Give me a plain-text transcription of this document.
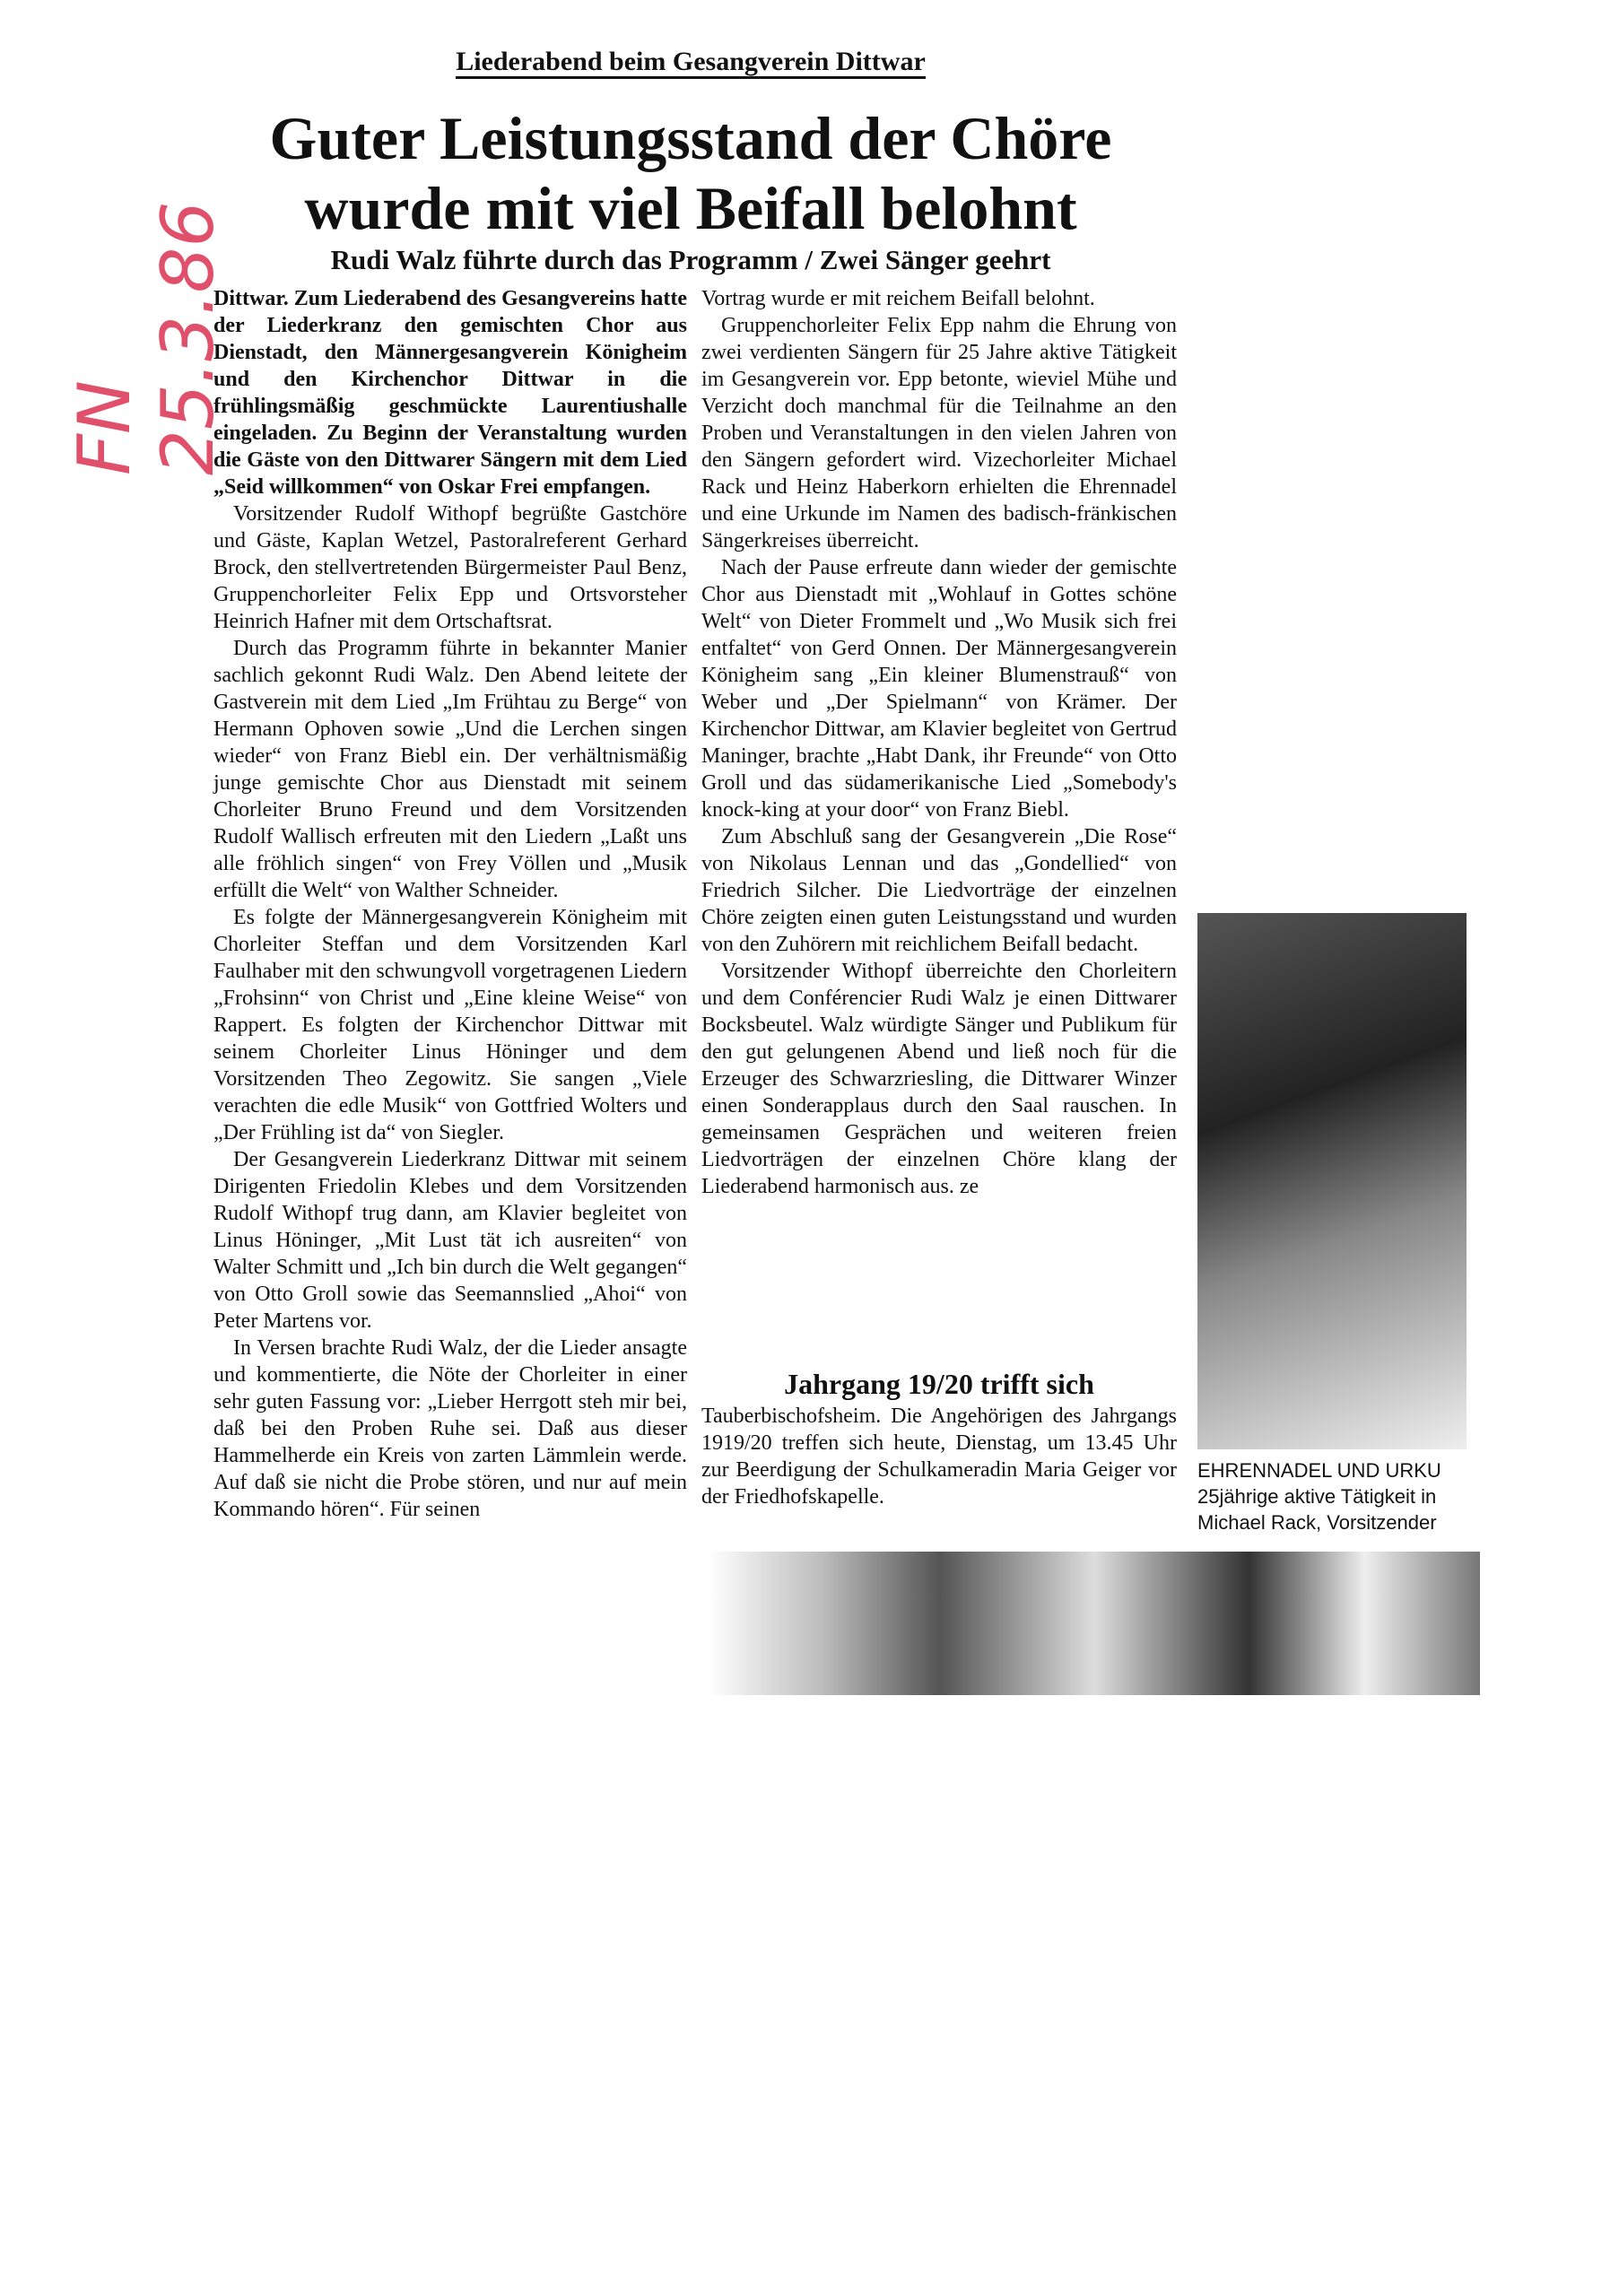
FN 25.3.86
Liederabend beim Gesangverein Dittwar
Guter Leistungsstand der Chöre
wurde mit viel Beifall belohnt
Rudi Walz führte durch das Programm / Zwei Sänger geehrt

Dittwar. Zum Liederabend des Gesangvereins hatte der Liederkranz den gemischten Chor aus Dienstadt, den Männergesangverein Königheim und den Kirchenchor Dittwar in die frühlingsmäßig geschmückte Laurentiushalle eingeladen. Zu Beginn der Veranstaltung wurden die Gäste von den Dittwarer Sängern mit dem Lied „Seid willkommen“ von Oskar Frei empfangen.

Vorsitzender Rudolf Withopf begrüßte Gastchöre und Gäste, Kaplan Wetzel, Pastoralreferent Gerhard Brock, den stellvertretenden Bürgermeister Paul Benz, Gruppenchorleiter Felix Epp und Ortsvorsteher Heinrich Hafner mit dem Ortschaftsrat.

Durch das Programm führte in bekannter Manier sachlich gekonnt Rudi Walz. Den Abend leitete der Gastverein mit dem Lied „Im Frühtau zu Berge“ von Hermann Ophoven sowie „Und die Lerchen singen wieder“ von Franz Biebl ein. Der verhältnismäßig junge gemischte Chor aus Dienstadt mit seinem Chorleiter Bruno Freund und dem Vorsitzenden Rudolf Wallisch erfreuten mit den Liedern „Laßt uns alle fröhlich singen“ von Frey Völlen und „Musik erfüllt die Welt“ von Walther Schneider.

Es folgte der Männergesangverein Königheim mit Chorleiter Steffan und dem Vorsitzenden Karl Faulhaber mit den schwungvoll vorgetragenen Liedern „Frohsinn“ von Christ und „Eine kleine Weise“ von Rappert. Es folgten der Kirchenchor Dittwar mit seinem Chorleiter Linus Höninger und dem Vorsitzenden Theo Zegowitz. Sie sangen „Viele verachten die edle Musik“ von Gottfried Wolters und „Der Frühling ist da“ von Siegler.

Der Gesangverein Liederkranz Dittwar mit seinem Dirigenten Friedolin Klebes und dem Vorsitzenden Rudolf Withopf trug dann, am Klavier begleitet von Linus Höninger, „Mit Lust tät ich ausreiten“ von Walter Schmitt und „Ich bin durch die Welt gegangen“ von Otto Groll sowie das Seemannslied „Ahoi“ von Peter Martens vor.

In Versen brachte Rudi Walz, der die Lieder ansagte und kommentierte, die Nöte der Chorleiter in einer sehr guten Fassung vor: „Lieber Herrgott steh mir bei, daß bei den Proben Ruhe sei. Daß aus dieser Hammelherde ein Kreis von zarten Lämmlein werde. Auf daß sie nicht die Probe stören, und nur auf mein Kommando hören“. Für seinen

Vortrag wurde er mit reichem Beifall belohnt.

Gruppenchorleiter Felix Epp nahm die Ehrung von zwei verdienten Sängern für 25 Jahre aktive Tätigkeit im Gesangverein vor. Epp betonte, wieviel Mühe und Verzicht doch manchmal für die Teilnahme an den Proben und Veranstaltungen in den vielen Jahren von den Sängern gefordert wird. Vizechorleiter Michael Rack und Heinz Haberkorn erhielten die Ehrennadel und eine Urkunde im Namen des badisch-fränkischen Sängerkreises überreicht.

Nach der Pause erfreute dann wieder der gemischte Chor aus Dienstadt mit „Wohlauf in Gottes schöne Welt“ von Dieter Frommelt und „Wo Musik sich frei entfaltet“ von Gerd Onnen. Der Männergesangverein Königheim sang „Ein kleiner Blumenstrauß“ von Weber und „Der Spielmann“ von Krämer. Der Kirchenchor Dittwar, am Klavier begleitet von Gertrud Maninger, brachte „Habt Dank, ihr Freunde“ von Otto Groll und das südamerikanische Lied „Somebody's knock-king at your door“ von Franz Biebl.

Zum Abschluß sang der Gesangverein „Die Rose“ von Nikolaus Lennan und das „Gondellied“ von Friedrich Silcher. Die Liedvorträge der einzelnen Chöre zeigten einen guten Leistungsstand und wurden von den Zuhörern mit reichlichem Beifall bedacht.

Vorsitzender Withopf überreichte den Chorleitern und dem Conférencier Rudi Walz je einen Dittwarer Bocksbeutel. Walz würdigte Sänger und Publikum für den gut gelungenen Abend und ließ noch für die Erzeuger des Schwarzriesling, die Dittwarer Winzer einen Sonderapplaus durch den Saal rauschen. In gemeinsamen Gesprächen und weiteren freien Liedvorträgen der einzelnen Chöre klang der Liederabend harmonisch aus. ze

Jahrgang 19/20 trifft sich
Tauberbischofsheim. Die Angehörigen des Jahrgangs 1919/20 treffen sich heute, Dienstag, um 13.45 Uhr zur Beerdigung der Schulkameradin Maria Geiger vor der Friedhofskapelle.
EHRENNADEL UND URKU
25jährige aktive Tätigkeit in
Michael Rack, Vorsitzender
